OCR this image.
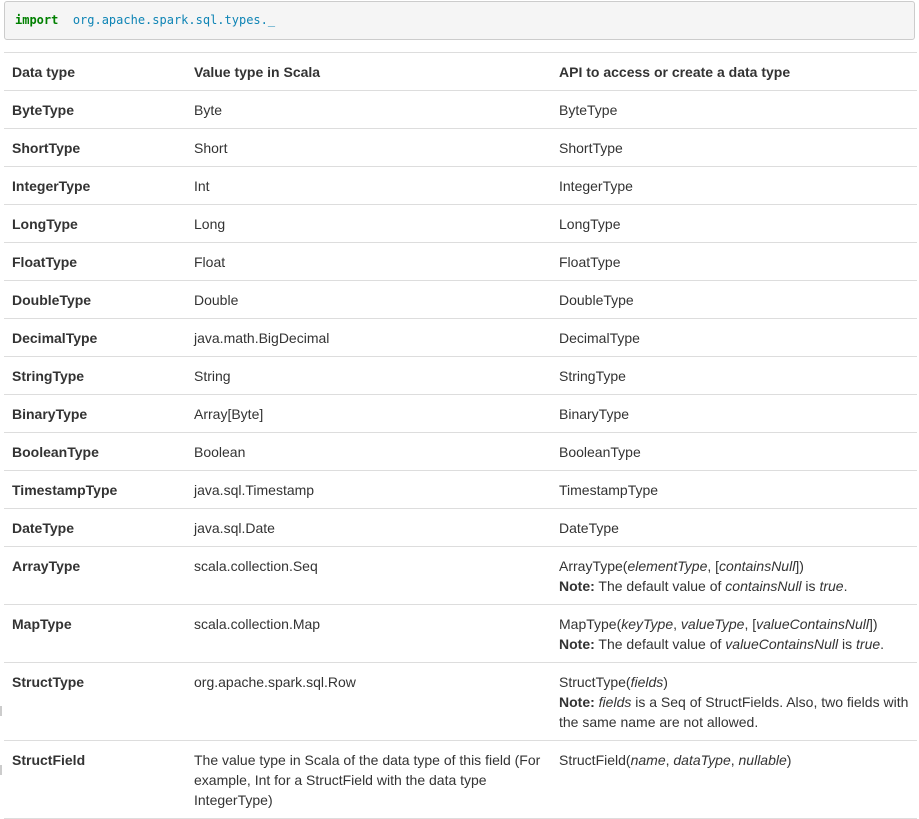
import org.apache.spark.sql.types._
Data type	Value type in Scala	API to access or create a data type
ByteType	Byte	ByteType
ShortType	Short	ShortType
IntegerType	Int	IntegerType
LongType	Long	LongType
FloatType	Float	FloatType
DoubleType	Double	DoubleType
DecimalType	java.math.BigDecimal	DecimalType
StringType	String	StringType
BinaryType	Array[Byte]	BinaryType
BooleanType	Boolean	BooleanType
TimestampType	java.sql.Timestamp	TimestampType
DateType	java.sql.Date	DateType
ArrayType	scala.collection.Seq	ArrayType(elementType, [containsNull])
Note: The default value of containsNull is true.
MapType	scala.collection.Map	MapType(keyType, valueType, [valueContainsNull])
Note: The default value of valueContainsNull is true.
StructType	org.apache.spark.sql.Row	StructType(fields)
Note: fields is a Seq of StructFields. Also, two fields with the same name are not allowed.
StructField	The value type in Scala of the data type of this field (For example, Int for a StructField with the data type IntegerType)	StructField(name, dataType, nullable)
